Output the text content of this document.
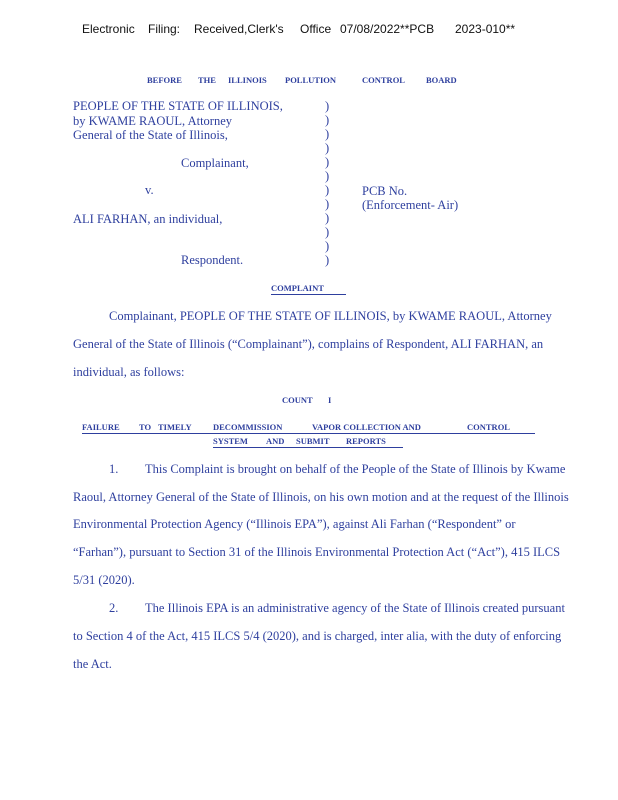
Electronic Filing: Received,Clerk's Office 07/08/2022**PCB 2023-010**
BEFORE THE ILLINOIS POLLUTION	CONTROL BOARD
PEOPLE OF THE STATE OF ILLINOIS,
by KWAME RAOUL, Attorney
General of the State of Illinois,
Complainant,
v.
ALI FARHAN, an individual,
Respondent.
PCB No.
(Enforcement- Air)
)
)
)
)
)
)
)
)
)
)
)
)
COMPLAINT
Complainant, PEOPLE OF THE STATE OF ILLINOIS, by KWAME RAOUL, Attorney
General of the State of Illinois (“Complainant”), complains of Respondent, ALI FARHAN, an
individual, as follows:
COUNT I
FAILURE TO TIMELY	DECOMMISSION	VAPOR COLLECTION AND	CONTROL
SYSTEM AND SUBMIT REPORTS
1. This Complaint is brought on behalf of the People of the State of Illinois by Kwame
Raoul, Attorney General of the State of Illinois, on his own motion and at the request of the Illinois
Environmental Protection Agency (“Illinois EPA”), against Ali Farhan (“Respondent” or
“Farhan”), pursuant to Section 31 of the Illinois Environmental Protection Act (“Act”), 415 ILCS
5/31 (2020).
2. The Illinois EPA is an administrative agency of the State of Illinois created pursuant
to Section 4 of the Act, 415 ILCS 5/4 (2020), and is charged, inter alia, with the duty of enforcing
the Act.
